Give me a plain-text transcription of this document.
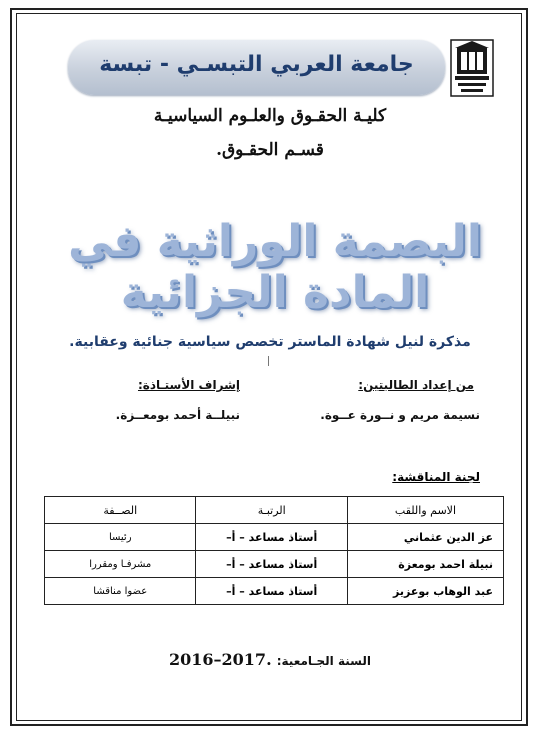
جامعة العربي التبسـي - تبسة
كليـة الحقـوق والعلـوم السياسيـة
قسـم الحقـوق.
البصمة الوراثية في المادة الجزائية
مذكرة لنيل شهادة الماستر تخصص سياسية جنائية وعقابية.
من إعداد الطالبتين:
إشراف الأستـاذة:
نسيمة مريم و نــورة عــوة.
نبيلــة أحمد بومعــزة.
لجنة المناقشة:
الاسم واللقب	الرتبـة	الصــفة
عز الدين عثماني	أستاذ مساعد – أ–	رئيسا
نبيلة احمد بومعزة	أستاذ مساعد – أ–	مشرفـا ومقررا
عبد الوهاب بوعزيز	أستاذ مساعد – أ–	عضوا مناقشا
السنة الجـامعية: 2016–2017.
